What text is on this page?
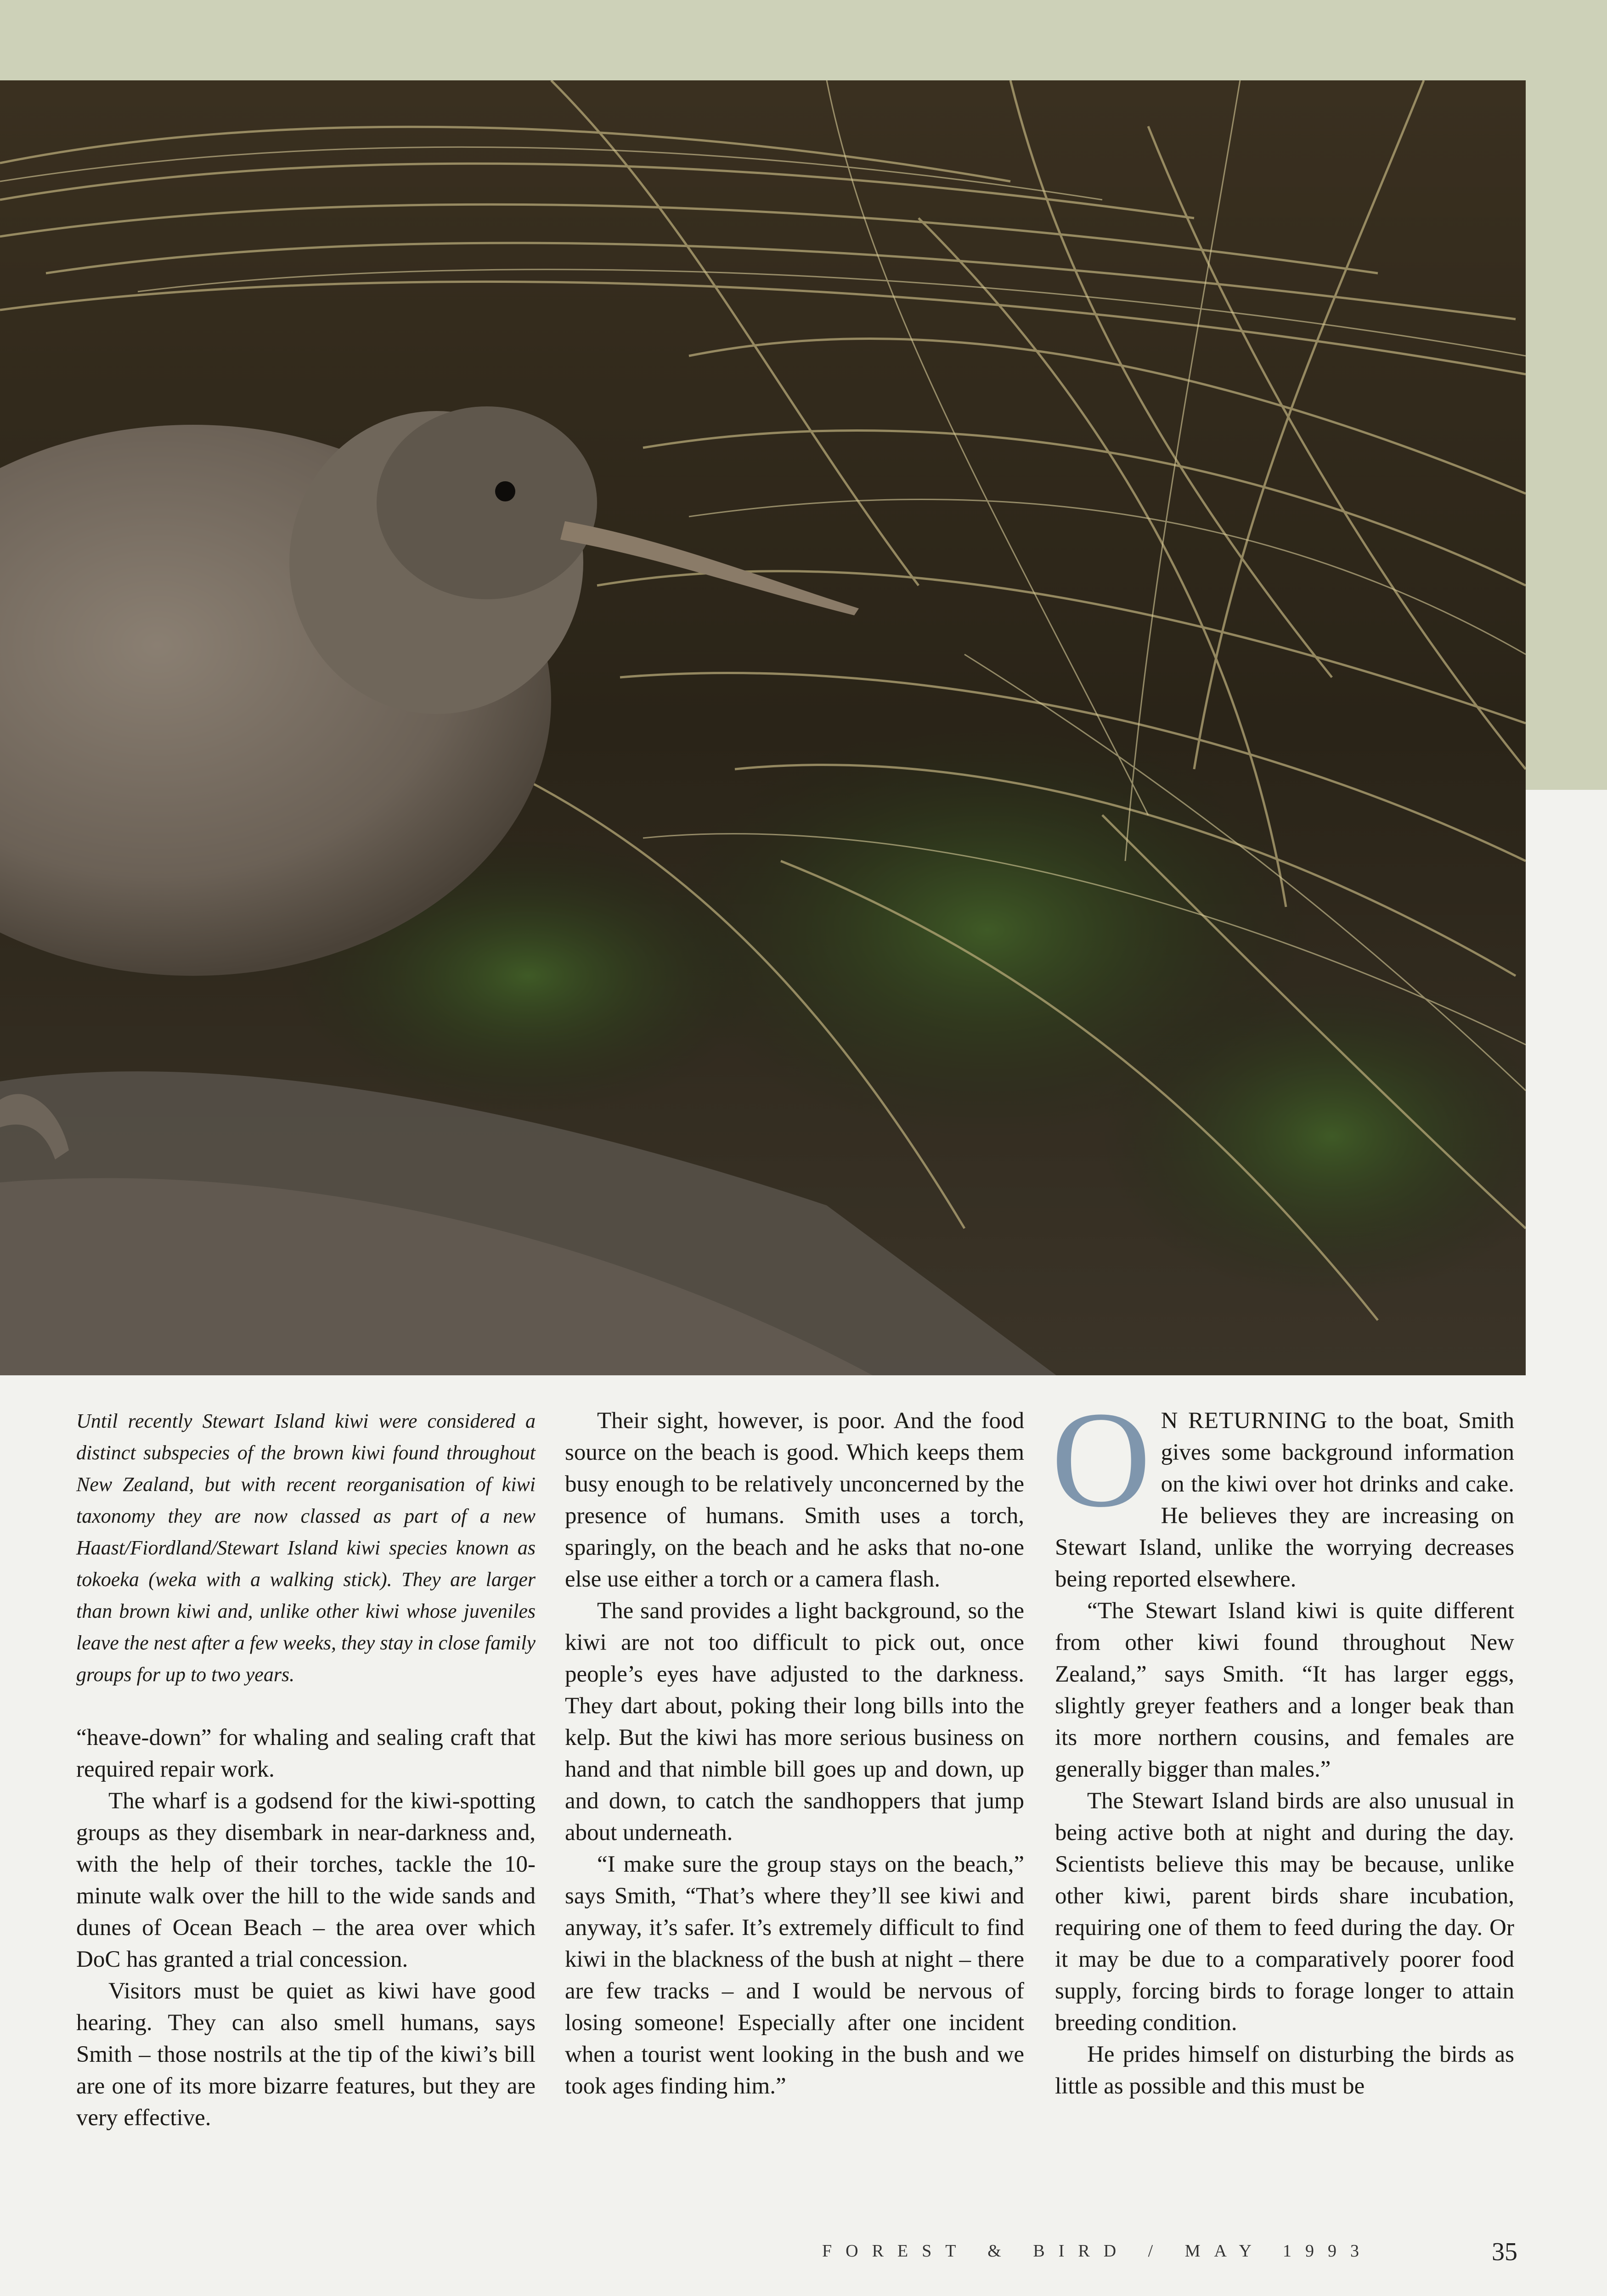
Until recently Stewart Island kiwi were considered a distinct subspecies of the brown kiwi found throughout New Zealand, but with recent reorganisation of kiwi taxonomy they are now classed as part of a new Haast/Fiordland/Stewart Island kiwi species known as tokoeka (weka with a walking stick). They are larger than brown kiwi and, unlike other kiwi whose juveniles leave the nest after a few weeks, they stay in close family groups for up to two years.

“heave-down” for whaling and sealing craft that required repair work.

The wharf is a godsend for the kiwi-spotting groups as they disembark in near-darkness and, with the help of their torches, tackle the 10-minute walk over the hill to the wide sands and dunes of Ocean Beach – the area over which DoC has granted a trial concession.

Visitors must be quiet as kiwi have good hearing. They can also smell humans, says Smith – those nostrils at the tip of the kiwi’s bill are one of its more bizarre features, but they are very effective.

Their sight, however, is poor. And the food source on the beach is good. Which keeps them busy enough to be relatively unconcerned by the presence of humans. Smith uses a torch, sparingly, on the beach and he asks that no-one else use either a torch or a camera flash.

The sand provides a light background, so the kiwi are not too difficult to pick out, once people’s eyes have adjusted to the darkness. They dart about, poking their long bills into the kelp. But the kiwi has more serious business on hand and that nimble bill goes up and down, up and down, to catch the sandhoppers that jump about underneath.

“I make sure the group stays on the beach,” says Smith, “That’s where they’ll see kiwi and anyway, it’s safer. It’s extremely difficult to find kiwi in the blackness of the bush at night – there are few tracks – and I would be nervous of losing someone! Especially after one incident when a tourist went looking in the bush and we took ages finding him.”

O N RETURNING to the boat, Smith gives some background information on the kiwi over hot drinks and cake. He believes they are increasing on Stewart Island, unlike the worrying decreases being reported elsewhere.

“The Stewart Island kiwi is quite different from other kiwi found throughout New Zealand,” says Smith. “It has larger eggs, slightly greyer feathers and a longer beak than its more northern cousins, and females are generally bigger than males.”

The Stewart Island birds are also unusual in being active both at night and during the day. Scientists believe this may be because, unlike other kiwi, parent birds share incubation, requiring one of them to feed during the day. Or it may be due to a comparatively poorer food supply, forcing birds to forage longer to attain breeding condition.

He prides himself on disturbing the birds as little as possible and this must be

FOREST & BIRD / MAY 1993	35
